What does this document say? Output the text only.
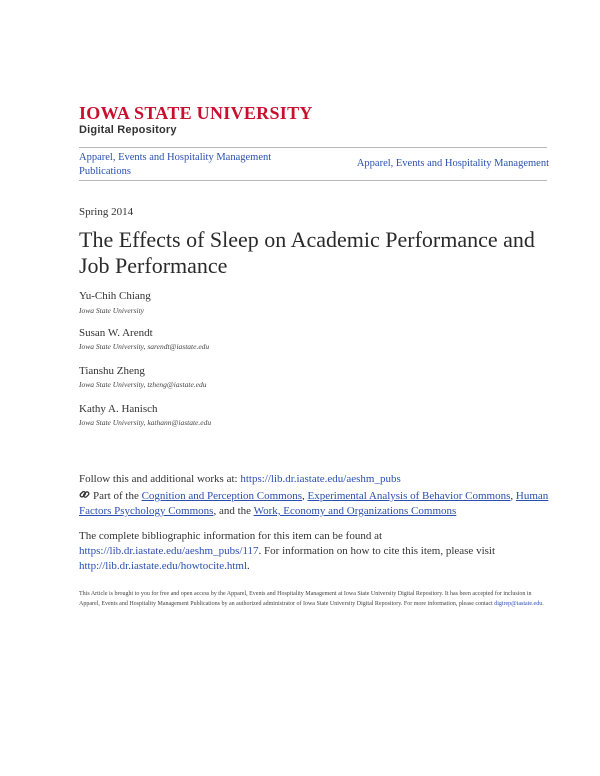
IOWA STATE UNIVERSITY
Digital Repository
Apparel, Events and Hospitality Management Publications
Apparel, Events and Hospitality Management
Spring 2014
The Effects of Sleep on Academic Performance and Job Performance
Yu-Chih Chiang
Iowa State University
Susan W. Arendt
Iowa State University, sarendt@iastate.edu
Tianshu Zheng
Iowa State University, tzheng@iastate.edu
Kathy A. Hanisch
Iowa State University, kathann@iastate.edu
Follow this and additional works at: https://lib.dr.iastate.edu/aeshm_pubs
Part of the Cognition and Perception Commons, Experimental Analysis of Behavior Commons, Human Factors Psychology Commons, and the Work, Economy and Organizations Commons
The complete bibliographic information for this item can be found at https://lib.dr.iastate.edu/aeshm_pubs/117. For information on how to cite this item, please visit http://lib.dr.iastate.edu/howtocite.html.
This Article is brought to you for free and open access by the Apparel, Events and Hospitality Management at Iowa State University Digital Repository. It has been accepted for inclusion in Apparel, Events and Hospitality Management Publications by an authorized administrator of Iowa State University Digital Repository. For more information, please contact digirep@iastate.edu.
